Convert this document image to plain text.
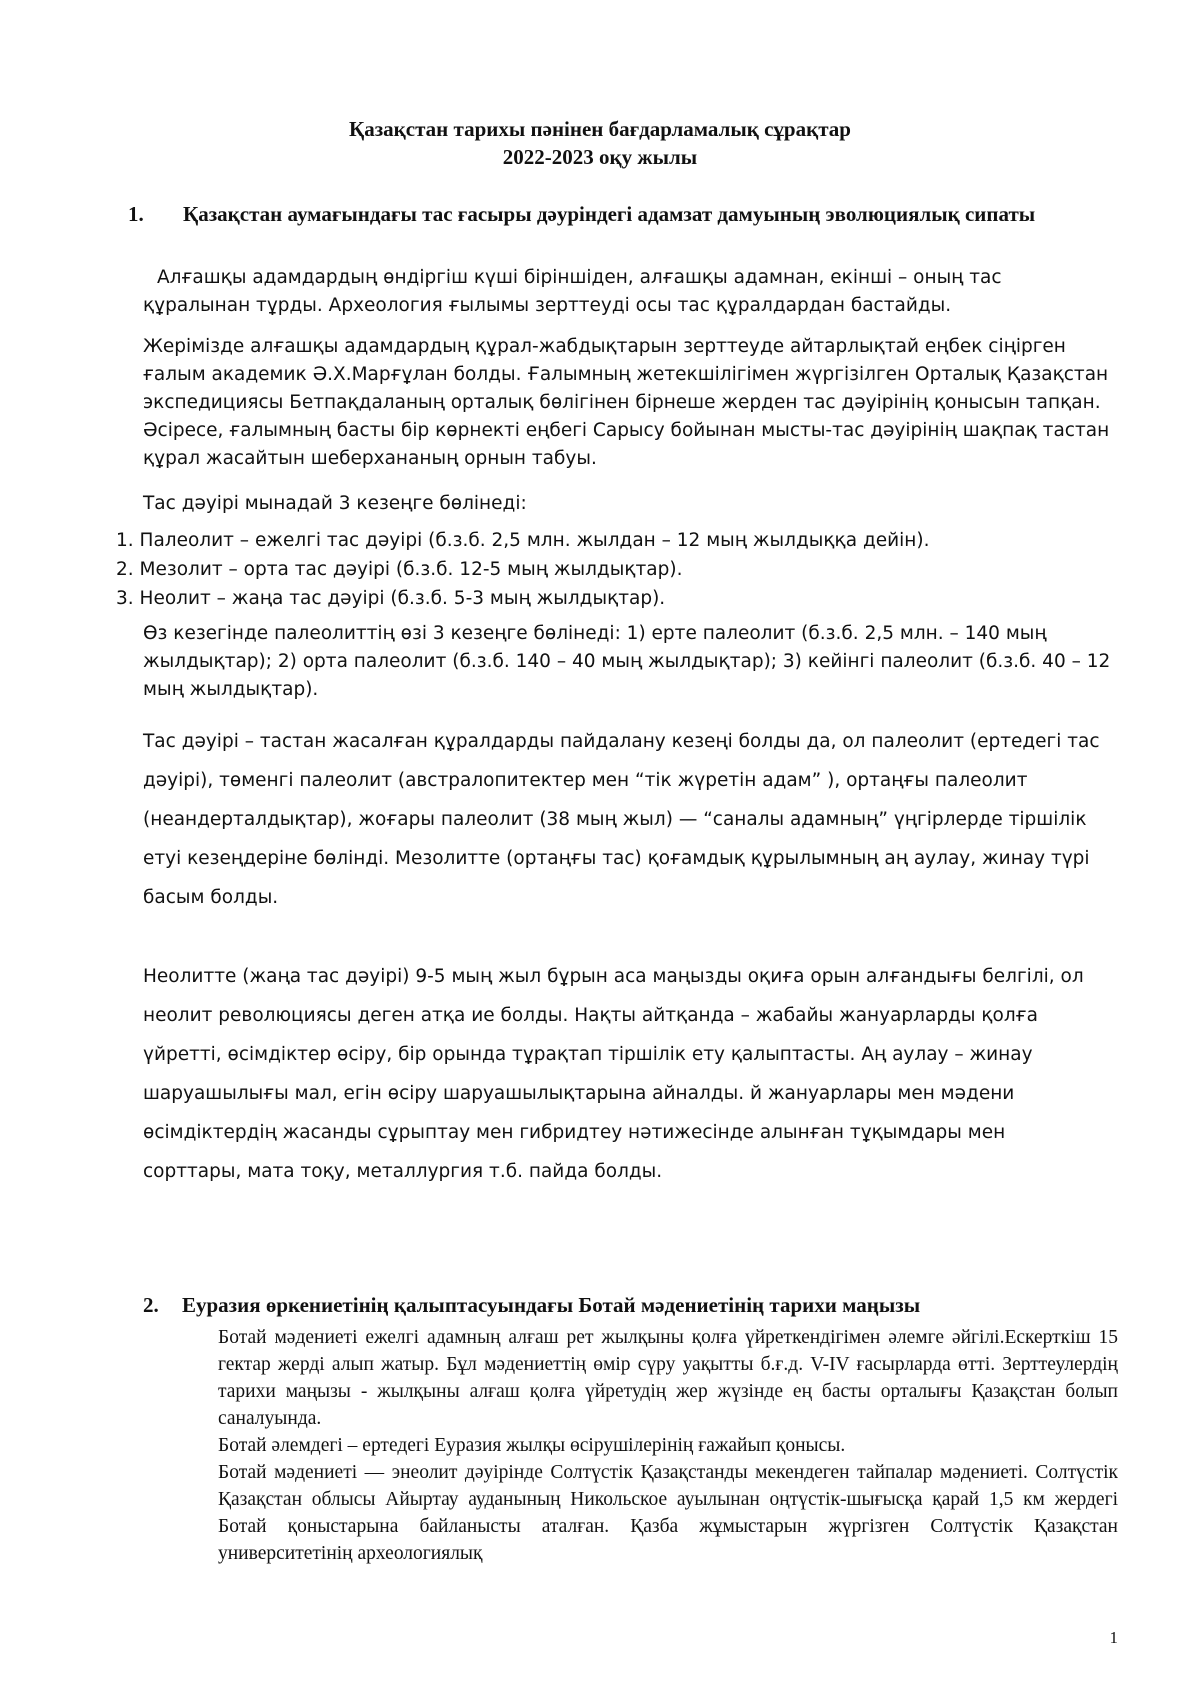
Қазақстан тарихы пәнінен бағдарламалық сұрақтар
2022-2023 оқу жылы
1. Қазақстан аумағындағы тас ғасыры дәуріндегі адамзат дамуының эволюциялық сипаты
Алғашқы адамдардың өндіргіш күші біріншіден, алғашқы адамнан, екінші – оның тас құралынан тұрды. Археология ғылымы зерттеуді осы тас құралдардан бастайды.
Жерімізде алғашқы адамдардың құрал-жабдықтарын зерттеуде айтарлықтай еңбек сіңірген ғалым академик Ә.Х.Марғұлан болды. Ғалымның жетекшілігімен жүргізілген Орталық Қазақстан экспедициясы Бетпақдаланың орталық бөлігінен бірнеше жерден тас дәуірінің қонысын тапқан. Әсіресе, ғалымның басты бір көрнекті еңбегі Сарысу бойынан мысты-тас дәуірінің шақпақ тастан құрал жасайтын шеберхананың орнын табуы.
Тас дәуірі мынадай 3 кезеңге бөлінеді:
1. Палеолит – ежелгі тас дәуірі (б.з.б. 2,5 млн. жылдан – 12 мың жылдыққа дейін).
2. Мезолит – орта тас дәуірі (б.з.б. 12-5 мың жылдықтар).
3. Неолит – жаңа тас дәуірі (б.з.б. 5-3 мың жылдықтар).
Өз кезегінде палеолиттің өзі 3 кезеңге бөлінеді: 1) ерте палеолит (б.з.б. 2,5 млн. – 140 мың жылдықтар); 2) орта палеолит (б.з.б. 140 – 40 мың жылдықтар); 3) кейінгі палеолит (б.з.б. 40 – 12 мың жылдықтар).
Тас дәуірі – тастан жасалған құралдарды пайдалану кезеңі болды да, ол палеолит (ертедегі тас дәуірі), төменгі палеолит (австралопитектер мен “тік жүретін адам” ), ортаңғы палеолит (неандерталдықтар), жоғары палеолит (38 мың жыл) — “саналы адамның” үңгірлерде тіршілік етуі кезеңдеріне бөлінді. Мезолитте (ортаңғы тас) қоғамдық құрылымның аң аулау, жинау түрі басым болды.
Неолитте (жаңа тас дәуірі) 9-5 мың жыл бұрын аса маңызды оқиға орын алғандығы белгілі, ол неолит революциясы деген атқа ие болды. Нақты айтқанда – жабайы жануарларды қолға үйретті, өсімдіктер өсіру, бір орында тұрақтап тіршілік ету қалыптасты. Аң аулау – жинау шаруашылығы мал, егін өсіру шаруашылықтарына айналды. й жануарлары мен мәдени өсімдіктердің жасанды сұрыптау мен гибридтеу нәтижесінде алынған тұқымдары мен сорттары, мата тоқу, металлургия т.б. пайда болды.
2. Еуразия өркениетінің қалыптасуындағы Ботай мәдениетінің тарихи маңызы
Ботай мәдениеті ежелгі адамның алғаш рет жылқыны қолға үйреткендігімен әлемге әйгілі.Ескерткіш 15 гектар жерді алып жатыр. Бұл мәдениеттің өмір сүру уақытты б.ғ.д. V-IV ғасырларда өтті. Зерттеулердің тарихи маңызы - жылқыны алғаш қолға үйретудің жер жүзінде ең басты орталығы Қазақстан болып саналуында.
Ботай әлемдегі – ертедегі Еуразия жылқы өсірушілерінің ғажайып қонысы.
Ботай мәдениеті — энеолит дәуірінде Солтүстік Қазақстанды мекендеген тайпалар мәдениеті. Солтүстік Қазақстан облысы Айыртау ауданының Никольское ауылынан оңтүстік-шығысқа қарай 1,5 км жердегі Ботай қоныстарына байланысты аталған. Қазба жұмыстарын жүргізген Солтүстік Қазақстан университетінің археологиялық
1
